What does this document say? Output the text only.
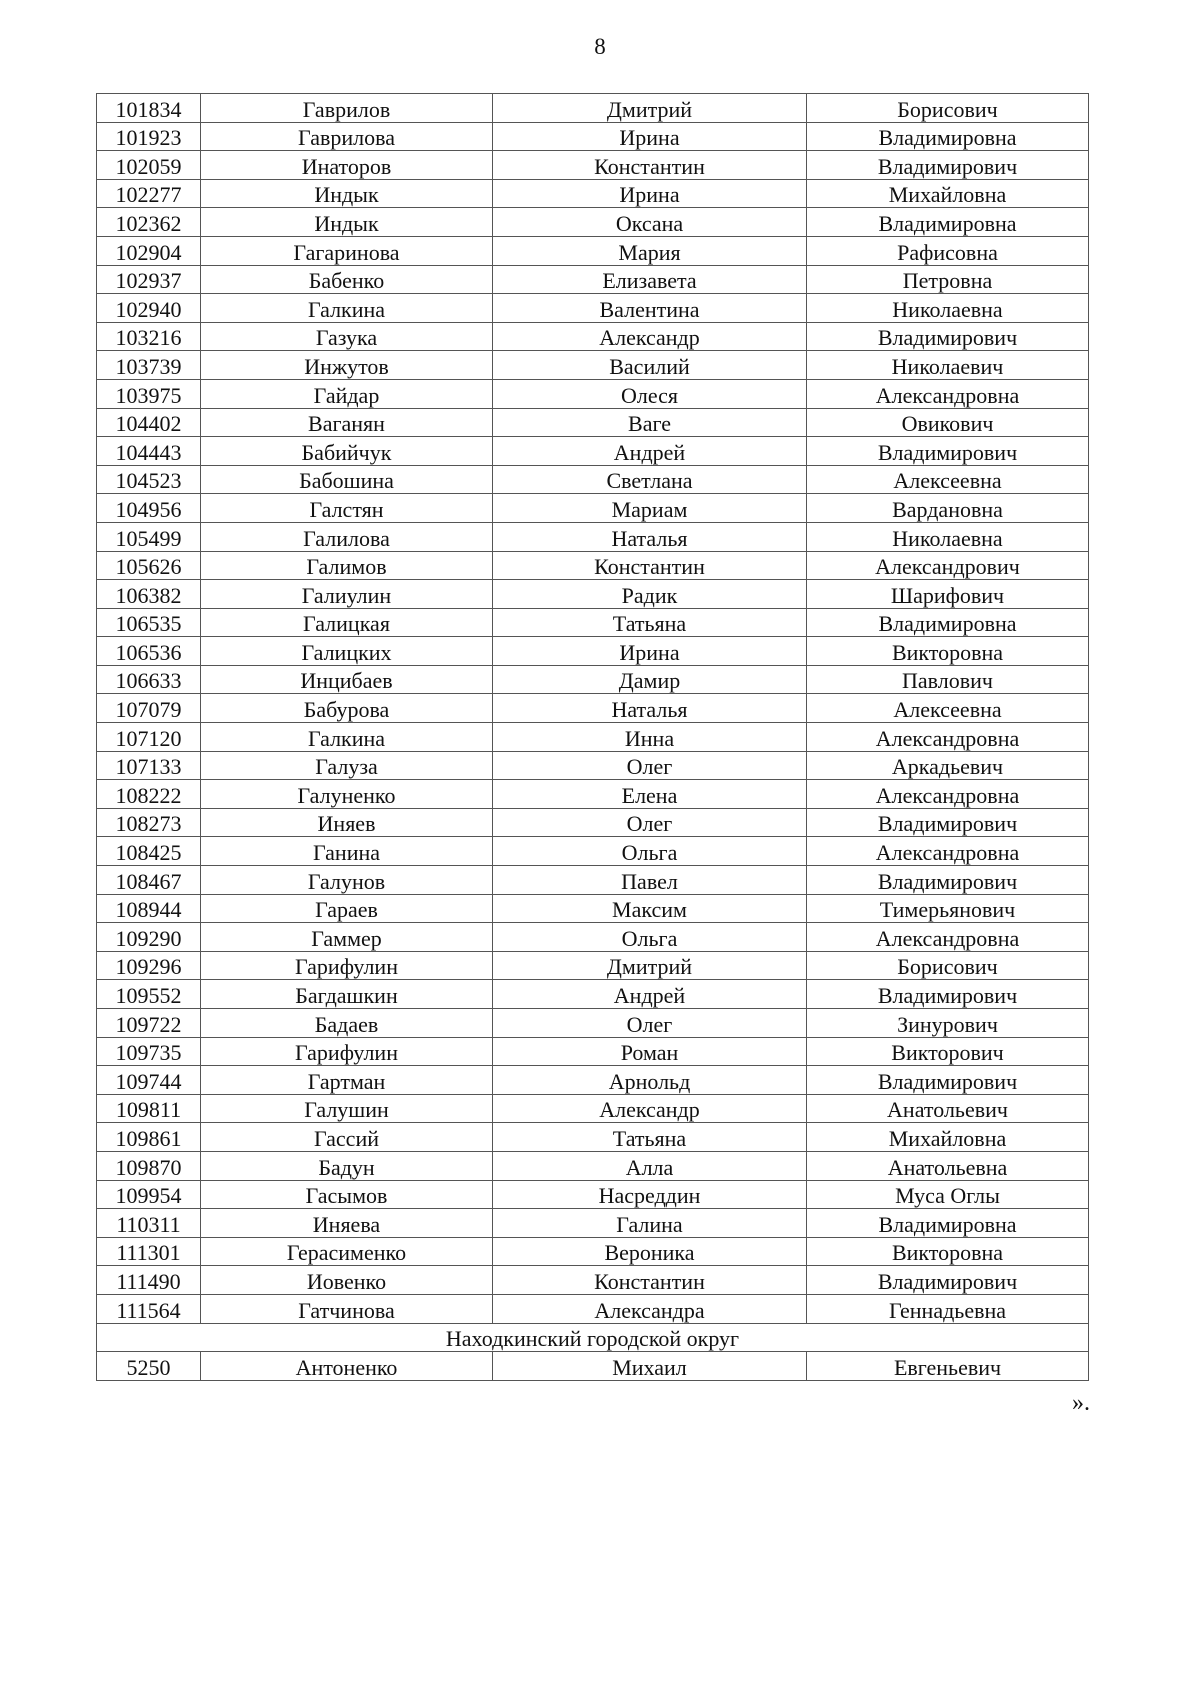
8
101834	Гаврилов	Дмитрий	Борисович
101923	Гаврилова	Ирина	Владимировна
102059	Инаторов	Константин	Владимирович
102277	Индык	Ирина	Михайловна
102362	Индык	Оксана	Владимировна
102904	Гагаринова	Мария	Рафисовна
102937	Бабенко	Елизавета	Петровна
102940	Галкина	Валентина	Николаевна
103216	Газука	Александр	Владимирович
103739	Инжутов	Василий	Николаевич
103975	Гайдар	Олеся	Александровна
104402	Ваганян	Ваге	Овикович
104443	Бабийчук	Андрей	Владимирович
104523	Бабошина	Светлана	Алексеевна
104956	Галстян	Мариам	Вардановна
105499	Галилова	Наталья	Николаевна
105626	Галимов	Константин	Александрович
106382	Галиулин	Радик	Шарифович
106535	Галицкая	Татьяна	Владимировна
106536	Галицких	Ирина	Викторовна
106633	Инцибаев	Дамир	Павлович
107079	Бабурова	Наталья	Алексеевна
107120	Галкина	Инна	Александровна
107133	Галуза	Олег	Аркадьевич
108222	Галуненко	Елена	Александровна
108273	Иняев	Олег	Владимирович
108425	Ганина	Ольга	Александровна
108467	Галунов	Павел	Владимирович
108944	Гараев	Максим	Тимерьянович
109290	Гаммер	Ольга	Александровна
109296	Гарифулин	Дмитрий	Борисович
109552	Багдашкин	Андрей	Владимирович
109722	Бадаев	Олег	Зинурович
109735	Гарифулин	Роман	Викторович
109744	Гартман	Арнольд	Владимирович
109811	Галушин	Александр	Анатольевич
109861	Гассий	Татьяна	Михайловна
109870	Бадун	Алла	Анатольевна
109954	Гасымов	Насреддин	Муса Оглы
110311	Иняева	Галина	Владимировна
111301	Герасименко	Вероника	Викторовна
111490	Иовенко	Константин	Владимирович
111564	Гатчинова	Александра	Геннадьевна
Находкинский городской округ			
5250	Антоненко	Михаил	Евгеньевич
».
